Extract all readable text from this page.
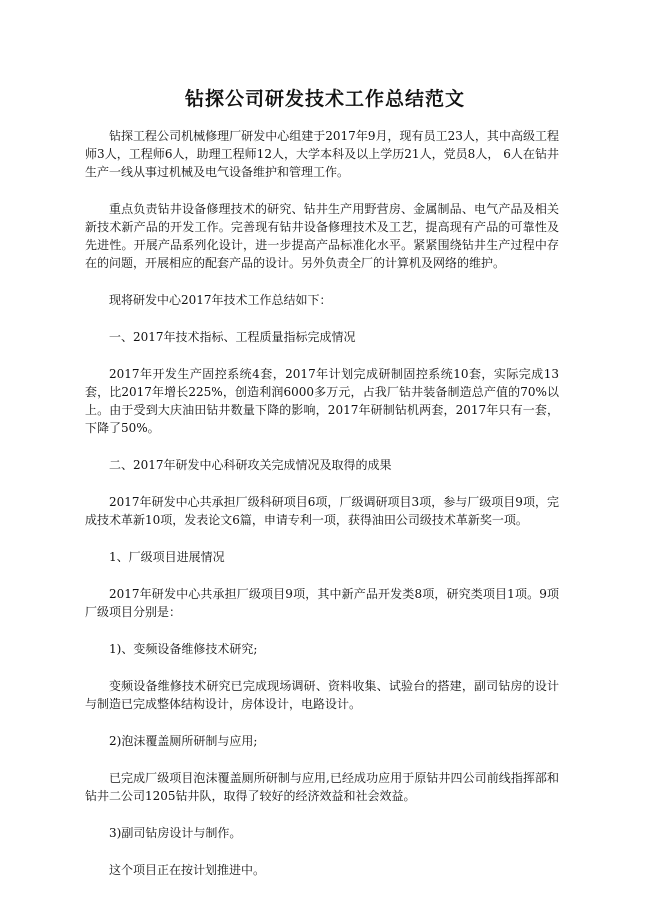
钻探公司研发技术工作总结范文

钻探工程公司机械修理厂研发中心组建于2017年9月，现有员工23人，其中高级工程师3人，工程师6人，助理工程师12人，大学本科及以上学历21人，党员8人， 6人在钻井生产一线从事过机械及电气设备维护和管理工作。

重点负责钻井设备修理技术的研究、钻井生产用野营房、金属制品、电气产品及相关新技术新产品的开发工作。完善现有钻井设备修理技术及工艺，提高现有产品的可靠性及先进性。开展产品系列化设计，进一步提高产品标准化水平。紧紧围绕钻井生产过程中存在的问题，开展相应的配套产品的设计。另外负责全厂的计算机及网络的维护。

现将研发中心2017年技术工作总结如下：

一、2017年技术指标、工程质量指标完成情况

2017年开发生产固控系统4套，2017年计划完成研制固控系统10套，实际完成13套，比2017年增长225%，创造利润6000多万元，占我厂钻井装备制造总产值的70%以上。由于受到大庆油田钻井数量下降的影响，2017年研制钻机两套，2017年只有一套，下降了50%。

二、2017年研发中心科研攻关完成情况及取得的成果

2017年研发中心共承担厂级科研项目6项，厂级调研项目3项，参与厂级项目9项，完成技术革新10项，发表论文6篇，申请专利一项，获得油田公司级技术革新奖一项。

1、厂级项目进展情况

2017年研发中心共承担厂级项目9项，其中新产品开发类8项，研究类项目1项。9项厂级项目分别是：

1)、变频设备维修技术研究;

变频设备维修技术研究已完成现场调研、资料收集、试验台的搭建，副司钻房的设计与制造已完成整体结构设计，房体设计，电路设计。

2)泡沫覆盖厕所研制与应用;

已完成厂级项目泡沫覆盖厕所研制与应用,已经成功应用于原钻井四公司前线指挥部和钻井二公司1205钻井队，取得了较好的经济效益和社会效益。

3)副司钻房设计与制作。

这个项目正在按计划推进中。
